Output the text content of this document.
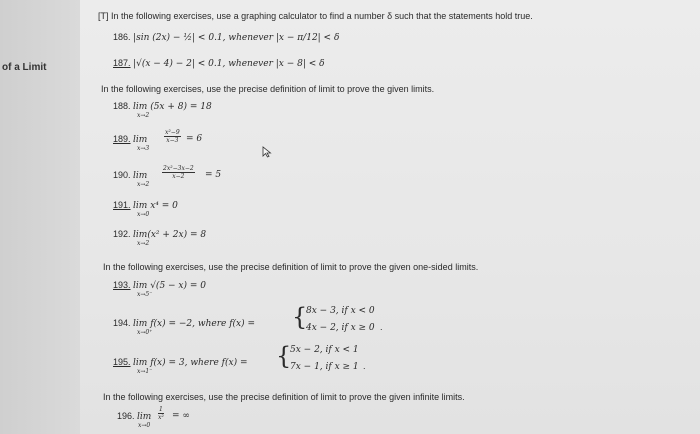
of a Limit
[T] In the following exercises, use a graphing calculator to find a number δ such that the statements hold true.
186. |sin (2x) − ½| < 0.1, whenever |x − π/12| < δ
187. |√(x − 4) − 2| < 0.1, whenever |x − 8| < δ
In the following exercises, use the precise definition of limit to prove the given limits.
188. lim (5x + 8) = 18
x→2
189. lim	$\frac{\text{x²−9}}{x-3} = 6$
x→3
190. $\lim \frac{\text{2x²−3x−2}}{x-2} = 5$
x→2
191. lim x⁴ = 0
x→0
192. lim(x² + 2x) = 8
x→2
In the following exercises, use the precise definition of limit to prove the given one-sided limits.
193. lim √(5 − x) = 0
x→5⁻
194. lim f(x) = −2, where f(x) = {
8x − 3, if x < 0
4x − 2, if x ≥ 0 .
x→0⁺
195. lim f(x) = 3, where f(x) = {
5x − 2, if x < 1
7x − 1, if x ≥ 1 .
x→1⁻
In the following exercises, use the precise definition of limit to prove the given infinite limits.
196. $\lim \frac{1}{\text{x²}}$ = ∞
x→0
